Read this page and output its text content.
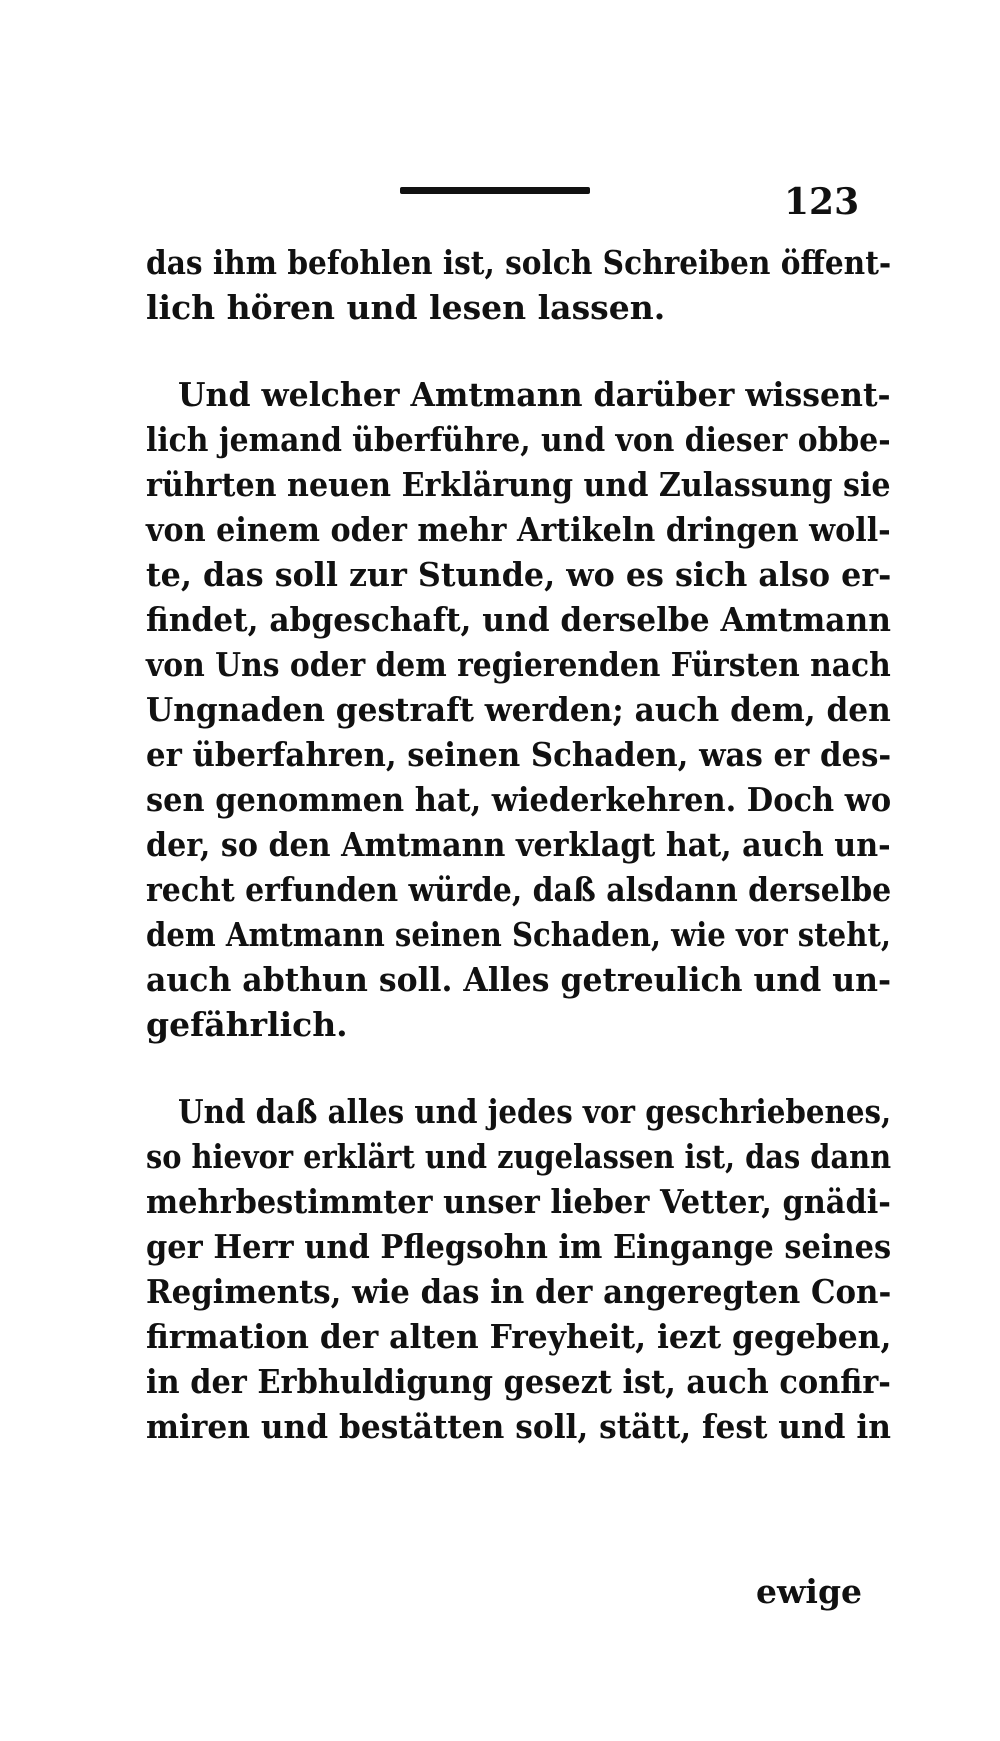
123
das ihm befohlen ist, solch Schreiben öffent-
lich hören und lesen lassen.
Und welcher Amtmann darüber wissent-
lich jemand überführe, und von dieser obbe-
rührten neuen Erklärung und Zulassung sie
von einem oder mehr Artikeln dringen woll-
te, das soll zur Stunde, wo es sich also er-
findet, abgeschaft, und derselbe Amtmann
von Uns oder dem regierenden Fürsten nach
Ungnaden gestraft werden; auch dem, den
er überfahren, seinen Schaden, was er des-
sen genommen hat, wiederkehren. Doch wo
der, so den Amtmann verklagt hat, auch un-
recht erfunden würde, daß alsdann derselbe
dem Amtmann seinen Schaden, wie vor steht,
auch abthun soll. Alles getreulich und un-
gefährlich.
Und daß alles und jedes vor geschriebenes,
so hievor erklärt und zugelassen ist, das dann
mehrbestimmter unser lieber Vetter, gnädi-
ger Herr und Pflegsohn im Eingange seines
Regiments, wie das in der angeregten Con-
firmation der alten Freyheit, iezt gegeben,
in der Erbhuldigung gesezt ist, auch confir-
miren und bestätten soll, stätt, fest und in
ewige
